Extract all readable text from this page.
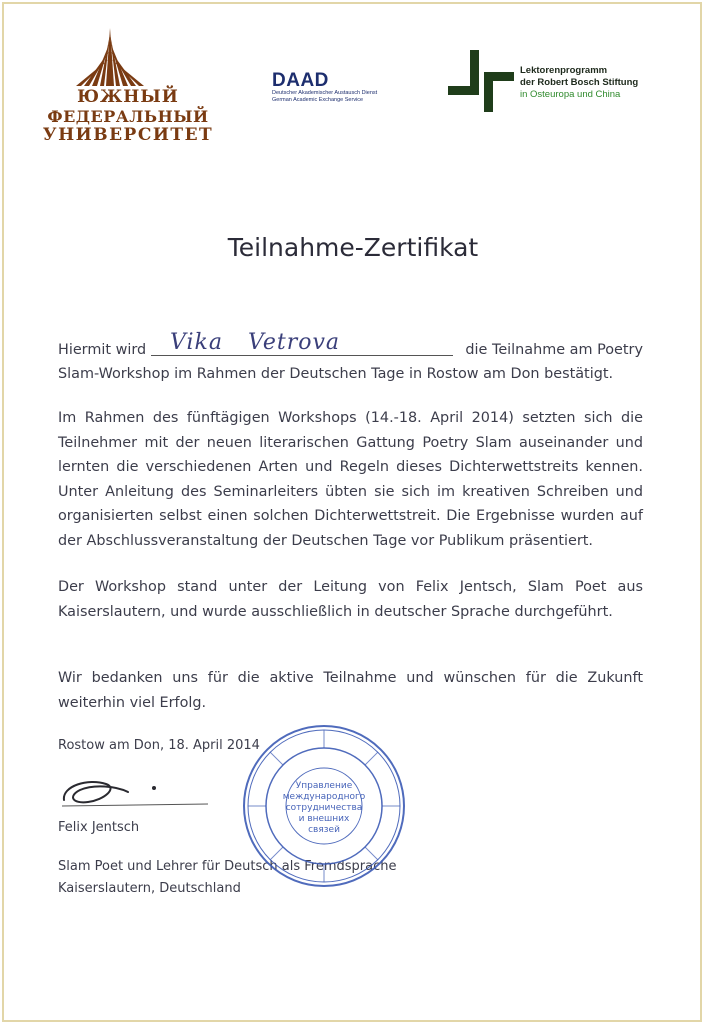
ЮЖНЫЙ
ФЕДЕРАЛЬНЫЙ
УНИВЕРСИТЕТ
DAAD
Deutscher Akademischer Austausch Dienst
German Academic Exchange Service
Lektorenprogramm
der Robert Bosch Stiftung
in Osteuropa und China
Teilnahme-Zertifikat
Hiermit wird	die Teilnahme am Poetry
Vika Vetrova
Slam-Workshop im Rahmen der Deutschen Tage in Rostow am Don bestätigt.
Im Rahmen des fünftägigen Workshops (14.-18. April 2014) setzten sich die
Teilnehmer mit der neuen literarischen Gattung Poetry Slam auseinander und
lernten die verschiedenen Arten und Regeln dieses Dichterwettstreits kennen.
Unter Anleitung des Seminarleiters übten sie sich im kreativen Schreiben und
organisierten selbst einen solchen Dichterwettstreit. Die Ergebnisse wurden auf
der Abschlussveranstaltung der Deutschen Tage vor Publikum präsentiert.
Der Workshop stand unter der Leitung von Felix Jentsch, Slam Poet aus
Kaiserslautern, und wurde ausschließlich in deutscher Sprache durchgeführt.
Wir bedanken uns für die aktive Teilnahme und wünschen für die Zukunft
weiterhin viel Erfolg.
Rostow am Don, 18. April 2014
Felix Jentsch
Slam Poet und Lehrer für Deutsch als Fremdsprache
Kaiserslautern, Deutschland
Управление
международного
сотрудничества
и внешних
связей
